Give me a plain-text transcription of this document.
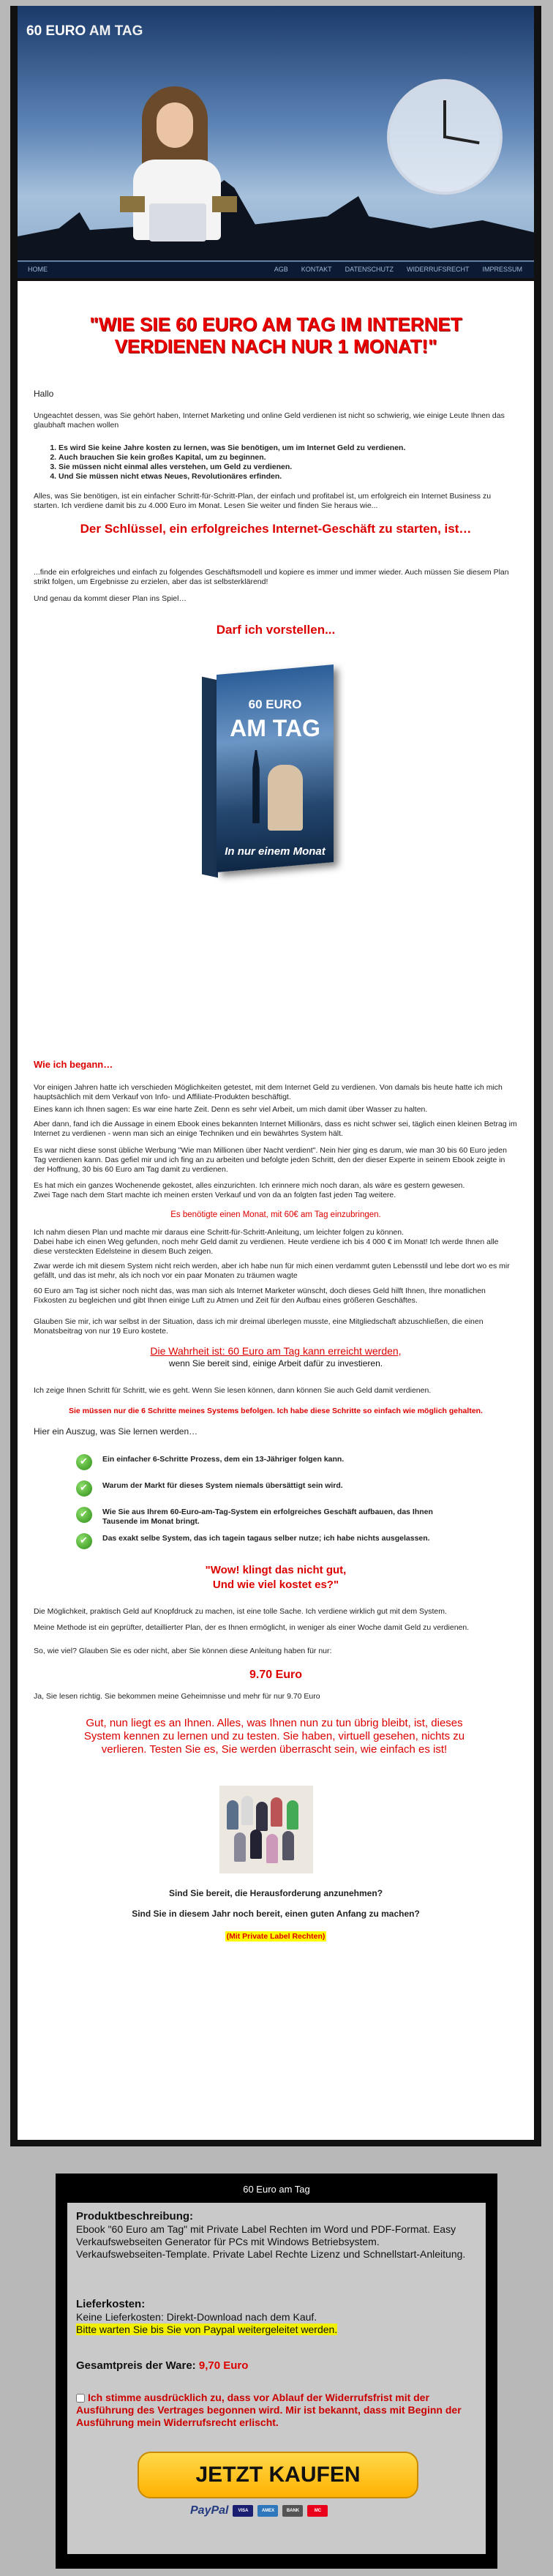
60 EURO AM TAG
HOME	AGB KONTAKT DATENSCHUTZ WIDERRUFSRECHT IMPRESSUM
"WIE SIE 60 EURO AM TAG IM INTERNET VERDIENEN NACH NUR 1 MONAT!"
Hallo
Ungeachtet dessen, was Sie gehört haben, Internet Marketing und online Geld verdienen ist nicht so schwierig, wie einige Leute Ihnen das glaubhaft machen wollen
1. Es wird Sie keine Jahre kosten zu lernen, was Sie benötigen, um im Internet Geld zu verdienen.
2. Auch brauchen Sie kein großes Kapital, um zu beginnen.
3. Sie müssen nicht einmal alles verstehen, um Geld zu verdienen.
4. Und Sie müssen nicht etwas Neues, Revolutionäres erfinden.
Alles, was Sie benötigen, ist ein einfacher Schritt-für-Schritt-Plan, der einfach und profitabel ist, um erfolgreich ein Internet Business zu starten. Ich verdiene damit bis zu 4.000 Euro im Monat. Lesen Sie weiter und finden Sie heraus wie...
Der Schlüssel, ein erfolgreiches Internet-Geschäft zu starten, ist…
...finde ein erfolgreiches und einfach zu folgendes Geschäftsmodell und kopiere es immer und immer wieder. Auch müssen Sie diesem Plan strikt folgen, um Ergebnisse zu erzielen, aber das ist selbsterklärend!
Und genau da kommt dieser Plan ins Spiel…
Darf ich vorstellen...
60 EURO
AM TAG
In nur einem Monat
Wie ich begann…
Vor einigen Jahren hatte ich verschieden Möglichkeiten getestet, mit dem Internet Geld zu verdienen. Von damals bis heute hatte ich mich hauptsächlich mit dem Verkauf von Info- und Affiliate-Produkten beschäftigt.
Eines kann ich Ihnen sagen: Es war eine harte Zeit. Denn es sehr viel Arbeit, um mich damit über Wasser zu halten.
Aber dann, fand ich die Aussage in einem Ebook eines bekannten Internet Millionärs, dass es nicht schwer sei, täglich einen kleinen Betrag im Internet zu verdienen - wenn man sich an einige Techniken und ein bewährtes System hält.
Es war nicht diese sonst übliche Werbung "Wie man Millionen über Nacht verdient". Nein hier ging es darum, wie man 30 bis 60 Euro jeden Tag verdienen kann. Das gefiel mir und ich fing an zu arbeiten und befolgte jeden Schritt, den der dieser Experte in seinem Ebook zeigte in der Hoffnung, 30 bis 60 Euro am Tag damit zu verdienen.
Es hat mich ein ganzes Wochenende gekostet, alles einzurichten. Ich erinnere mich noch daran, als wäre es gestern gewesen.
Zwei Tage nach dem Start machte ich meinen ersten Verkauf und von da an folgten fast jeden Tag weitere.
Es benötigte einen Monat, mit 60€ am Tag einzubringen.
Ich nahm diesen Plan und machte mir daraus eine Schritt-für-Schritt-Anleitung, um leichter folgen zu können.
Dabei habe ich einen Weg gefunden, noch mehr Geld damit zu verdienen. Heute verdiene ich bis 4 000 € im Monat! Ich werde Ihnen alle diese versteckten Edelsteine in diesem Buch zeigen.
Zwar werde ich mit diesem System nicht reich werden, aber ich habe nun für mich einen verdammt guten Lebensstil und lebe dort wo es mir gefällt, und das ist mehr, als ich noch vor ein paar Monaten zu träumen wagte
60 Euro am Tag ist sicher noch nicht das, was man sich als Internet Marketer wünscht, doch dieses Geld hilft Ihnen, Ihre monatlichen Fixkosten zu begleichen und gibt Ihnen einige Luft zu Atmen und Zeit für den Aufbau eines größeren Geschäftes.
Glauben Sie mir, ich war selbst in der Situation, dass ich mir dreimal überlegen musste, eine Mitgliedschaft abzuschließen, die einen Monatsbeitrag von nur 19 Euro kostete.
Die Wahrheit ist: 60 Euro am Tag kann erreicht werden,
wenn Sie bereit sind, einige Arbeit dafür zu investieren.
Ich zeige Ihnen Schritt für Schritt, wie es geht. Wenn Sie lesen können, dann können Sie auch Geld damit verdienen.
Sie müssen nur die 6 Schritte meines Systems befolgen. Ich habe diese Schritte so einfach wie möglich gehalten.
Hier ein Auszug, was Sie lernen werden…
✔
Ein einfacher 6-Schritte Prozess, dem ein 13-Jähriger folgen kann.
✔
Warum der Markt für dieses System niemals übersättigt sein wird.
✔
Wie Sie aus Ihrem 60-Euro-am-Tag-System ein erfolgreiches Geschäft aufbauen, das Ihnen Tausende im Monat bringt.
✔
Das exakt selbe System, das ich tagein tagaus selber nutze; ich habe nichts ausgelassen.
"Wow! klingt das nicht gut,
Und wie viel kostet es?"
Die Möglichkeit, praktisch Geld auf Knopfdruck zu machen, ist eine tolle Sache. Ich verdiene wirklich gut mit dem System.
Meine Methode ist ein geprüfter, detaillierter Plan, der es Ihnen ermöglicht, in weniger als einer Woche damit Geld zu verdienen.
So, wie viel? Glauben Sie es oder nicht, aber Sie können diese Anleitung haben für nur:
9.70 Euro
Ja, Sie lesen richtig. Sie bekommen meine Geheimnisse und mehr für nur 9.70 Euro
Gut, nun liegt es an Ihnen. Alles, was Ihnen nun zu tun übrig bleibt, ist, dieses System kennen zu lernen und zu testen. Sie haben, virtuell gesehen, nichts zu verlieren. Testen Sie es, Sie werden überrascht sein, wie einfach es ist!
Sind Sie bereit, die Herausforderung anzunehmen?
Sind Sie in diesem Jahr noch bereit, einen guten Anfang zu machen?
(Mit Private Label Rechten)
60 Euro am Tag
Produktbeschreibung:
Ebook "60 Euro am Tag" mit Private Label Rechten im Word und PDF-Format. Easy Verkaufswebseiten Generator für PCs mit Windows Betriebsystem. Verkaufswebseiten-Template. Private Label Rechte Lizenz und Schnellstart-Anleitung.
Lieferkosten:
Keine Lieferkosten: Direkt-Download nach dem Kauf.
Bitte warten Sie bis Sie von Paypal weitergeleitet werden.
Gesamtpreis der Ware: 9,70 Euro
Ich stimme ausdrücklich zu, dass vor Ablauf der Widerrufsfrist mit der Ausführung des Vertrages begonnen wird. Mir ist bekannt, dass mit Beginn der Ausführung mein Widerrufsrecht erlischt.
JETZT KAUFEN
PayPal	VISA	AMEX	BANK	MC
